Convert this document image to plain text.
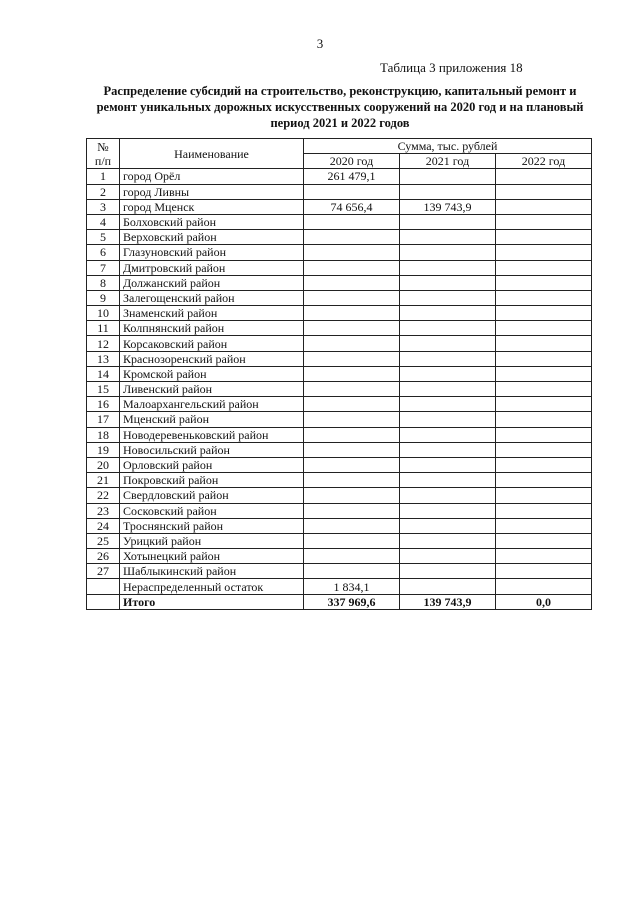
3
Таблица 3 приложения 18
Распределение субсидий на строительство, реконструкцию, капитальный ремонт и
ремонт уникальных дорожных искусственных сооружений на 2020 год и на плановый
период 2021 и 2022 годов
№
п/п	Наименование	Сумма, тыс. рублей		
		2020 год	2021 год	2022 год
1	город Орёл	261 479,1		
2	город Ливны			
3	город Мценск	74 656,4	139 743,9	
4	Болховский район			
5	Верховский район			
6	Глазуновский район			
7	Дмитровский район			
8	Должанский район			
9	Залегощенский район			
10	Знаменский район			
11	Колпнянский район			
12	Корсаковский район			
13	Краснозоренский район			
14	Кромской район			
15	Ливенский район			
16	Малоархангельский район			
17	Мценский район			
18	Новодеревеньковский район			
19	Новосильский район			
20	Орловский район			
21	Покровский район			
22	Свердловский район			
23	Сосковский район			
24	Троснянский район			
25	Урицкий район			
26	Хотынецкий район			
27	Шаблыкинский район			
	Нераспределенный остаток	1 834,1		
	Итого	337 969,6	139 743,9	0,0
